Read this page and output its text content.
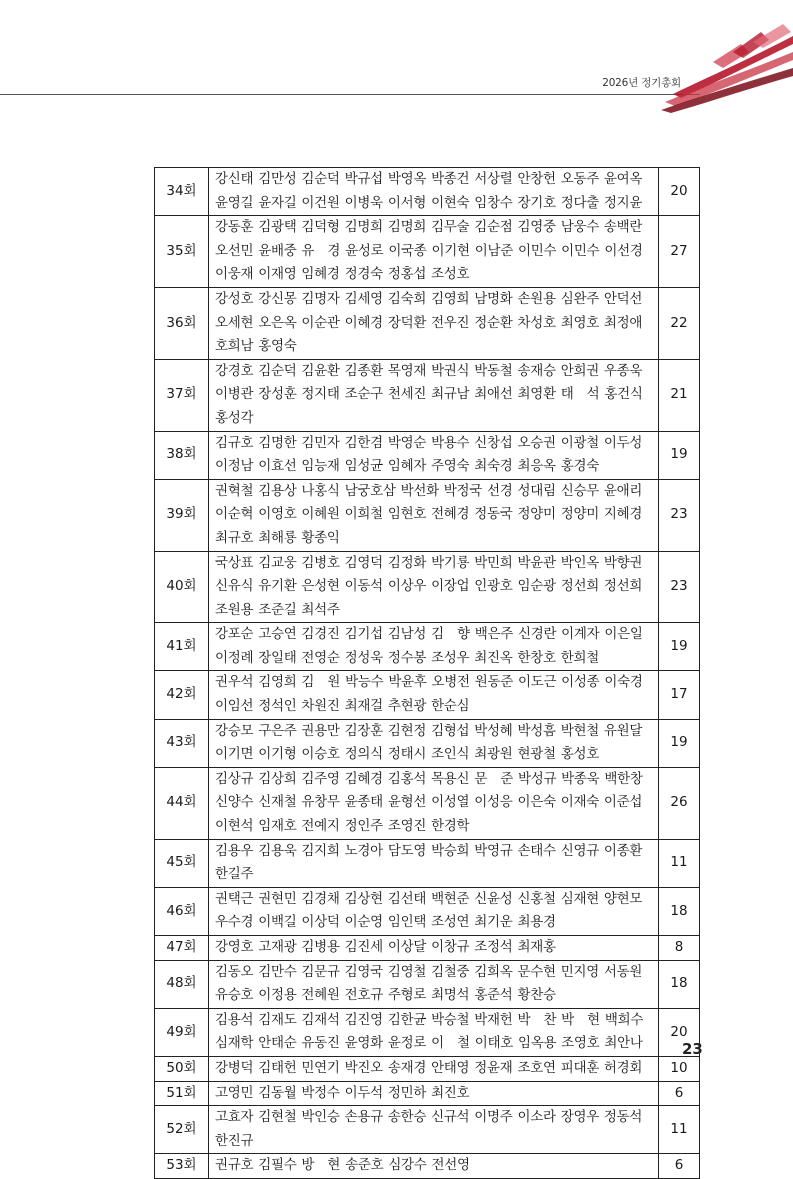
2026년 정기총회
34회	강신태 김만성 김순덕 박규섭 박영옥 박종건 서상렬 안창헌 오동주 윤여옥 윤영길 윤자길 이건원 이병욱 이서형 이현숙 임창수 장기호 정다출 정지윤	20
35회	강동훈 김광택 김덕형 김명희 김명희 김무술 김순점 김영중 남웅수 송백란 오선민 윤배중 유　경 윤성로 이국종 이기현 이남준 이민수 이민수 이선경 이웅재 이재영 임혜경 정경숙 정홍섭 조성호	27
36회	강성호 강신몽 김명자 김세영 김숙희 김영희 남명화 손원용 심완주 안덕선 오세현 오은옥 이순관 이혜경 장덕환 전우진 정순환 차성호 최영호 최정애 호희남 홍영숙	22
37회	강경호 김순덕 김윤환 김종환 목영재 박권식 박동철 송재승 안희권 우종욱 이병관 장성훈 정지태 조순구 천세진 최규남 최애선 최영환 태　석 홍건식 홍성각	21
38회	김규호 김명한 김민자 김한겸 박영순 박용수 신창섭 오승권 이광철 이두성 이정남 이효선 임능재 임성균 임혜자 주영숙 최숙경 최응옥 홍경숙	19
39회	권혁철 김용상 나홍식 남궁호삼 박선화 박정국 선경 성대림 신승무 윤애리 이순혁 이영호 이혜원 이희철 임현호 전혜경 정동국 정양미 정양미 지혜경 최규호 최해룡 황종익	23
40회	국상표 김교웅 김병호 김영덕 김정화 박기룡 박민희 박윤관 박인옥 박향권 신유식 유기환 은성현 이동석 이상우 이장업 인광호 임순광 정선희 정선희 조원용 조준길 최석주	23
41회	강포순 고승연 김경진 김기섭 김남성 김　향 백은주 신경란 이계자 이은일 이정례 장일태 전영순 정성욱 정수봉 조성우 최진옥 한창호 한희철	19
42회	권우석 김영희 김　원 박능수 박윤후 오병전 원동준 이도근 이성종 이숙경 이임선 정석인 차원진 최재걸 추현광 한순심	17
43회	강승모 구은주 권용만 김장훈 김현정 김형섭 박성혜 박성흠 박현철 유원달 이기면 이기형 이승호 정의식 정태시 조인식 최광원 현광철 홍성호	19
44회	김상규 김상희 김주영 김혜경 김홍석 목용신 문　준 박성규 박종욱 백한창 신양수 신재철 유창무 윤종태 윤형선 이성열 이성응 이은숙 이재숙 이준섭 이현석 임재호 전예지 정인주 조영진 한경학	26
45회	김용우 김용욱 김지희 노경아 담도영 박승희 박영규 손태수 신영규 이종환 한길주	11
46회	권택근 권현민 김경채 김상현 김선태 백현준 신윤성 신홍철 심재현 양현모 우수경 이백길 이상덕 이순영 임인택 조성연 최기운 최용경	18
47회	강영호 고재광 김병용 김진세 이상달 이창규 조정석 최재홍	8
48회	김동오 김만수 김문규 김영국 김영철 김철중 김희옥 문수현 민지영 서동원 유승호 이정용 전혜원 전호규 주형로 최명석 홍준석 황찬승	18
49회	김용석 김재도 김재석 김진영 김한균 박승철 박재헌 박　찬 박　현 백희수 심재학 안태순 유동진 윤영화 윤정로 이　철 이태호 임옥용 조영호 최안나	20
50회	강병덕 김태헌 민연기 박진오 송재경 안태영 정윤재 조호연 피대훈 허경회	10
51회	고영민 김동월 박정수 이두석 정민하 최진호	6
52회	고효자 김현철 박인승 손용규 송한승 신규석 이명주 이소라 장영우 정동석 한진규	11
53회	권규호 김필수 방　현 송준호 심강수 전선영	6
23
